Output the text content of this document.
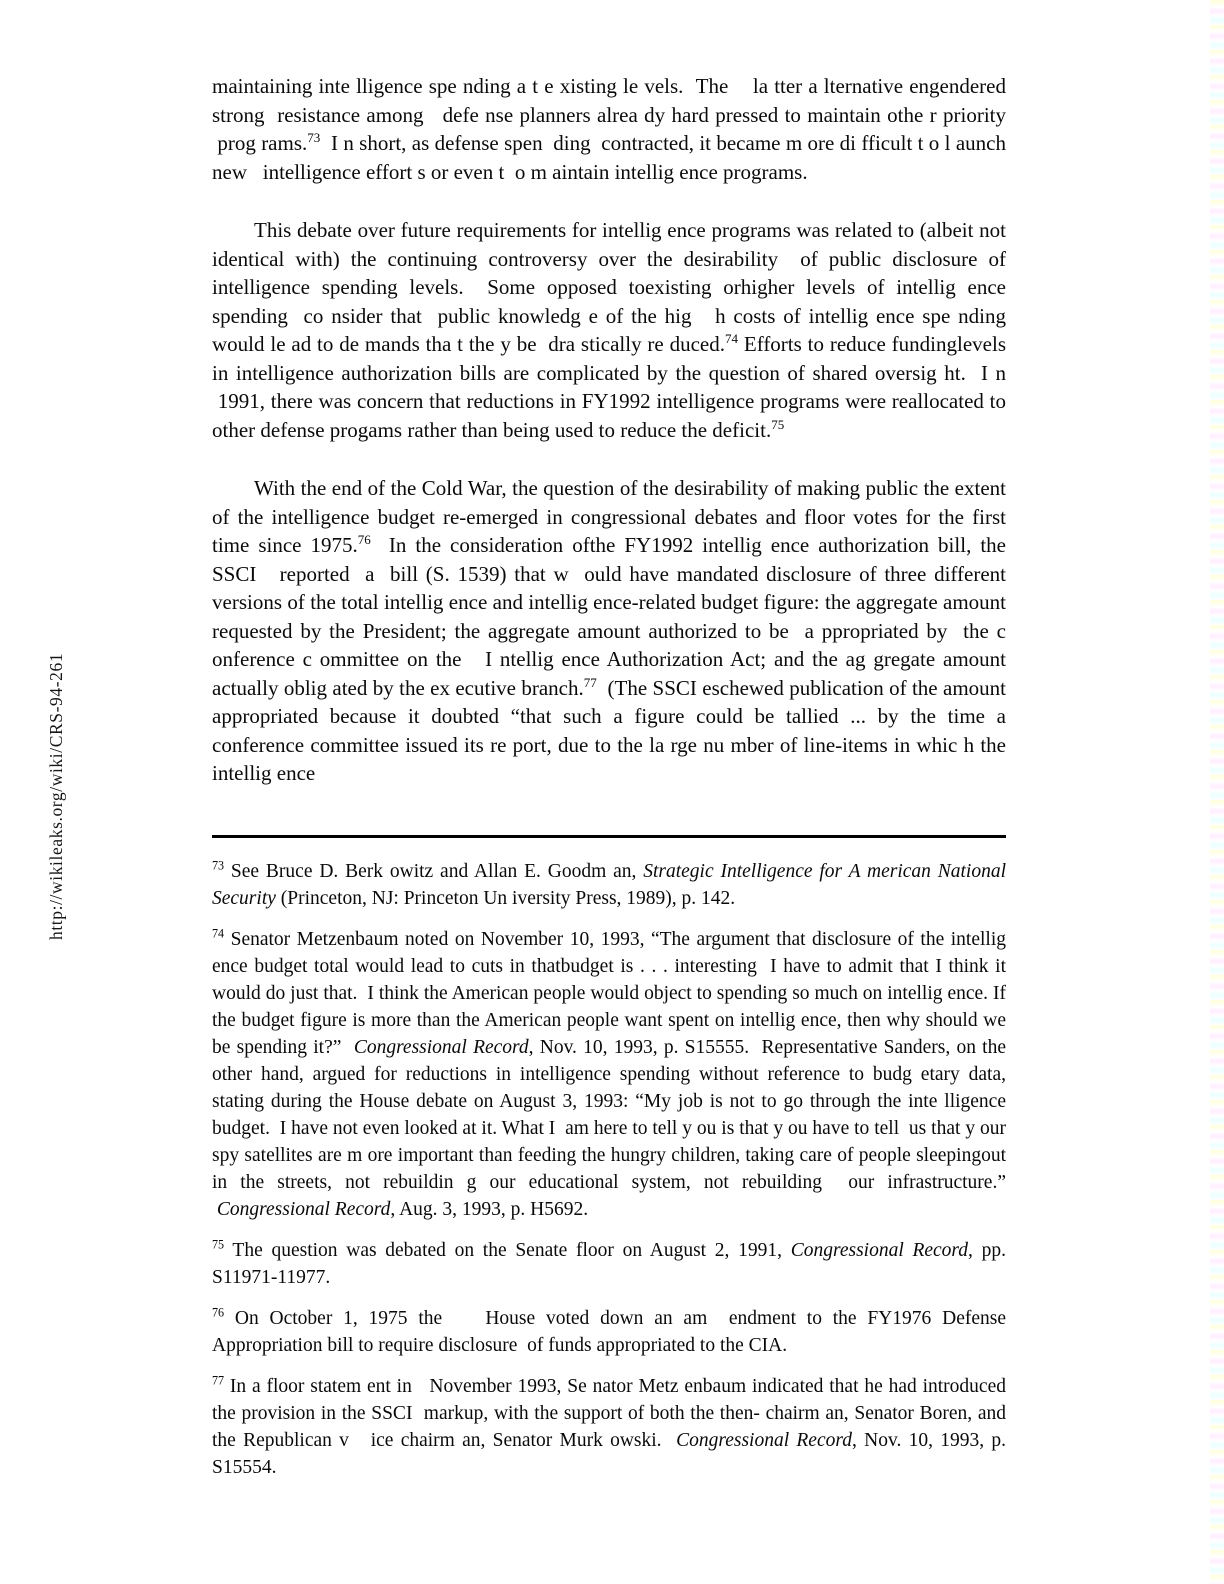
http://wikileaks.org/wiki/CRS-94-261

maintaining inte lligence spe nding a t e xisting le vels.  The    la tter a lternative engendered strong  resistance among   defe nse planners alrea dy hard pressed to maintain othe r priority  prog rams.$^{73}$  I n short, as defense spen  ding  contracted, it became m ore di fficult t o l aunch new   intelligence effort s or even t  o m aintain intellig ence programs.

This debate over future requirements for intellig ence programs was related to (albeit not identical with) the continuing controversy over the desirability  of public disclosure of intelligence spending levels.  Some opposed toexisting orhigher levels of intellig ence spending  co nsider that  public knowledg e of the hig   h costs of intellig ence spe nding would le ad to de mands tha t the y be  dra stically re duced.$^{74}$ Efforts to reduce fundinglevels in intelligence authorization bills are complicated by the question of shared oversig ht.  I n  1991, there was concern that reductions in FY1992 intelligence programs were reallocated to other defense progams rather than being used to reduce the deficit.$^{75}$

With the end of the Cold War, the question of the desirability of making public the extent of the intelligence budget re-emerged in congressional debates and floor votes for the first time since 1975.76  In the consideration ofthe FY1992 intellig ence authorization bill, the SSCI   reported  a  bill (S. 1539) that w  ould have mandated disclosure of three different versions of the total intellig ence and intellig ence-related budget figure: the aggregate amount requested by the President; the aggregate amount authorized to be  a ppropriated by  the c onference c ommittee on the   I ntellig ence Authorization Act; and the ag gregate amount actually oblig ated by the ex ecutive branch.$^{77}$  (The SSCI eschewed publication of the amount appropriated because it doubted “that such a figure could be tallied ... by the time a conference committee issued its re port, due to the la rge nu mber of line-items in whic h the intellig ence

$^{73}$ See Bruce D. Berk owitz and Allan E. Goodm an, Strategic Intelligence for A merican National Security (Princeton, NJ: Princeton Un iversity Press, 1989), p. 142.

$^{74}$ Senator Metzenbaum noted on November 10, 1993, “The argument that disclosure of the intellig ence budget total would lead to cuts in thatbudget is . . . interesting  I have to admit that I think it would do just that.  I think the American people would object to spending so much on intellig ence. If the budget figure is more than the American people want spent on intellig ence, then why should we be spending it?”  Congressional Record, Nov. 10, 1993, p. S15555.  Representative Sanders, on the other hand, argued for reductions in intelligence spending without reference to budg etary data, stating during the House debate on August 3, 1993: “My job is not to go through the inte lligence budget.  I have not even looked at it. What I  am here to tell y ou is that y ou have to tell  us that y our spy satellites are m ore important than feeding the hungry children, taking care of people sleepingout in the streets, not rebuildin g our educational system, not rebuilding  our infrastructure.”  Congressional Record, Aug. 3, 1993, p. H5692.

$^{75}$ The question was debated on the Senate floor on August 2, 1991, Congressional Record, pp. S11971-11977.

$^{76}$ On October 1, 1975 the    House voted down an am  endment to the FY1976 Defense Appropriation bill to require disclosure  of funds appropriated to the CIA.

$^{77}$ In a floor statem ent in   November 1993, Se nator Metz enbaum indicated that he had introduced the provision in the SSCI  markup, with the support of both the then- chairm an, Senator Boren, and the Republican v   ice chairm an, Senator Murk owski.  Congressional Record, Nov. 10, 1993, p. S15554.
